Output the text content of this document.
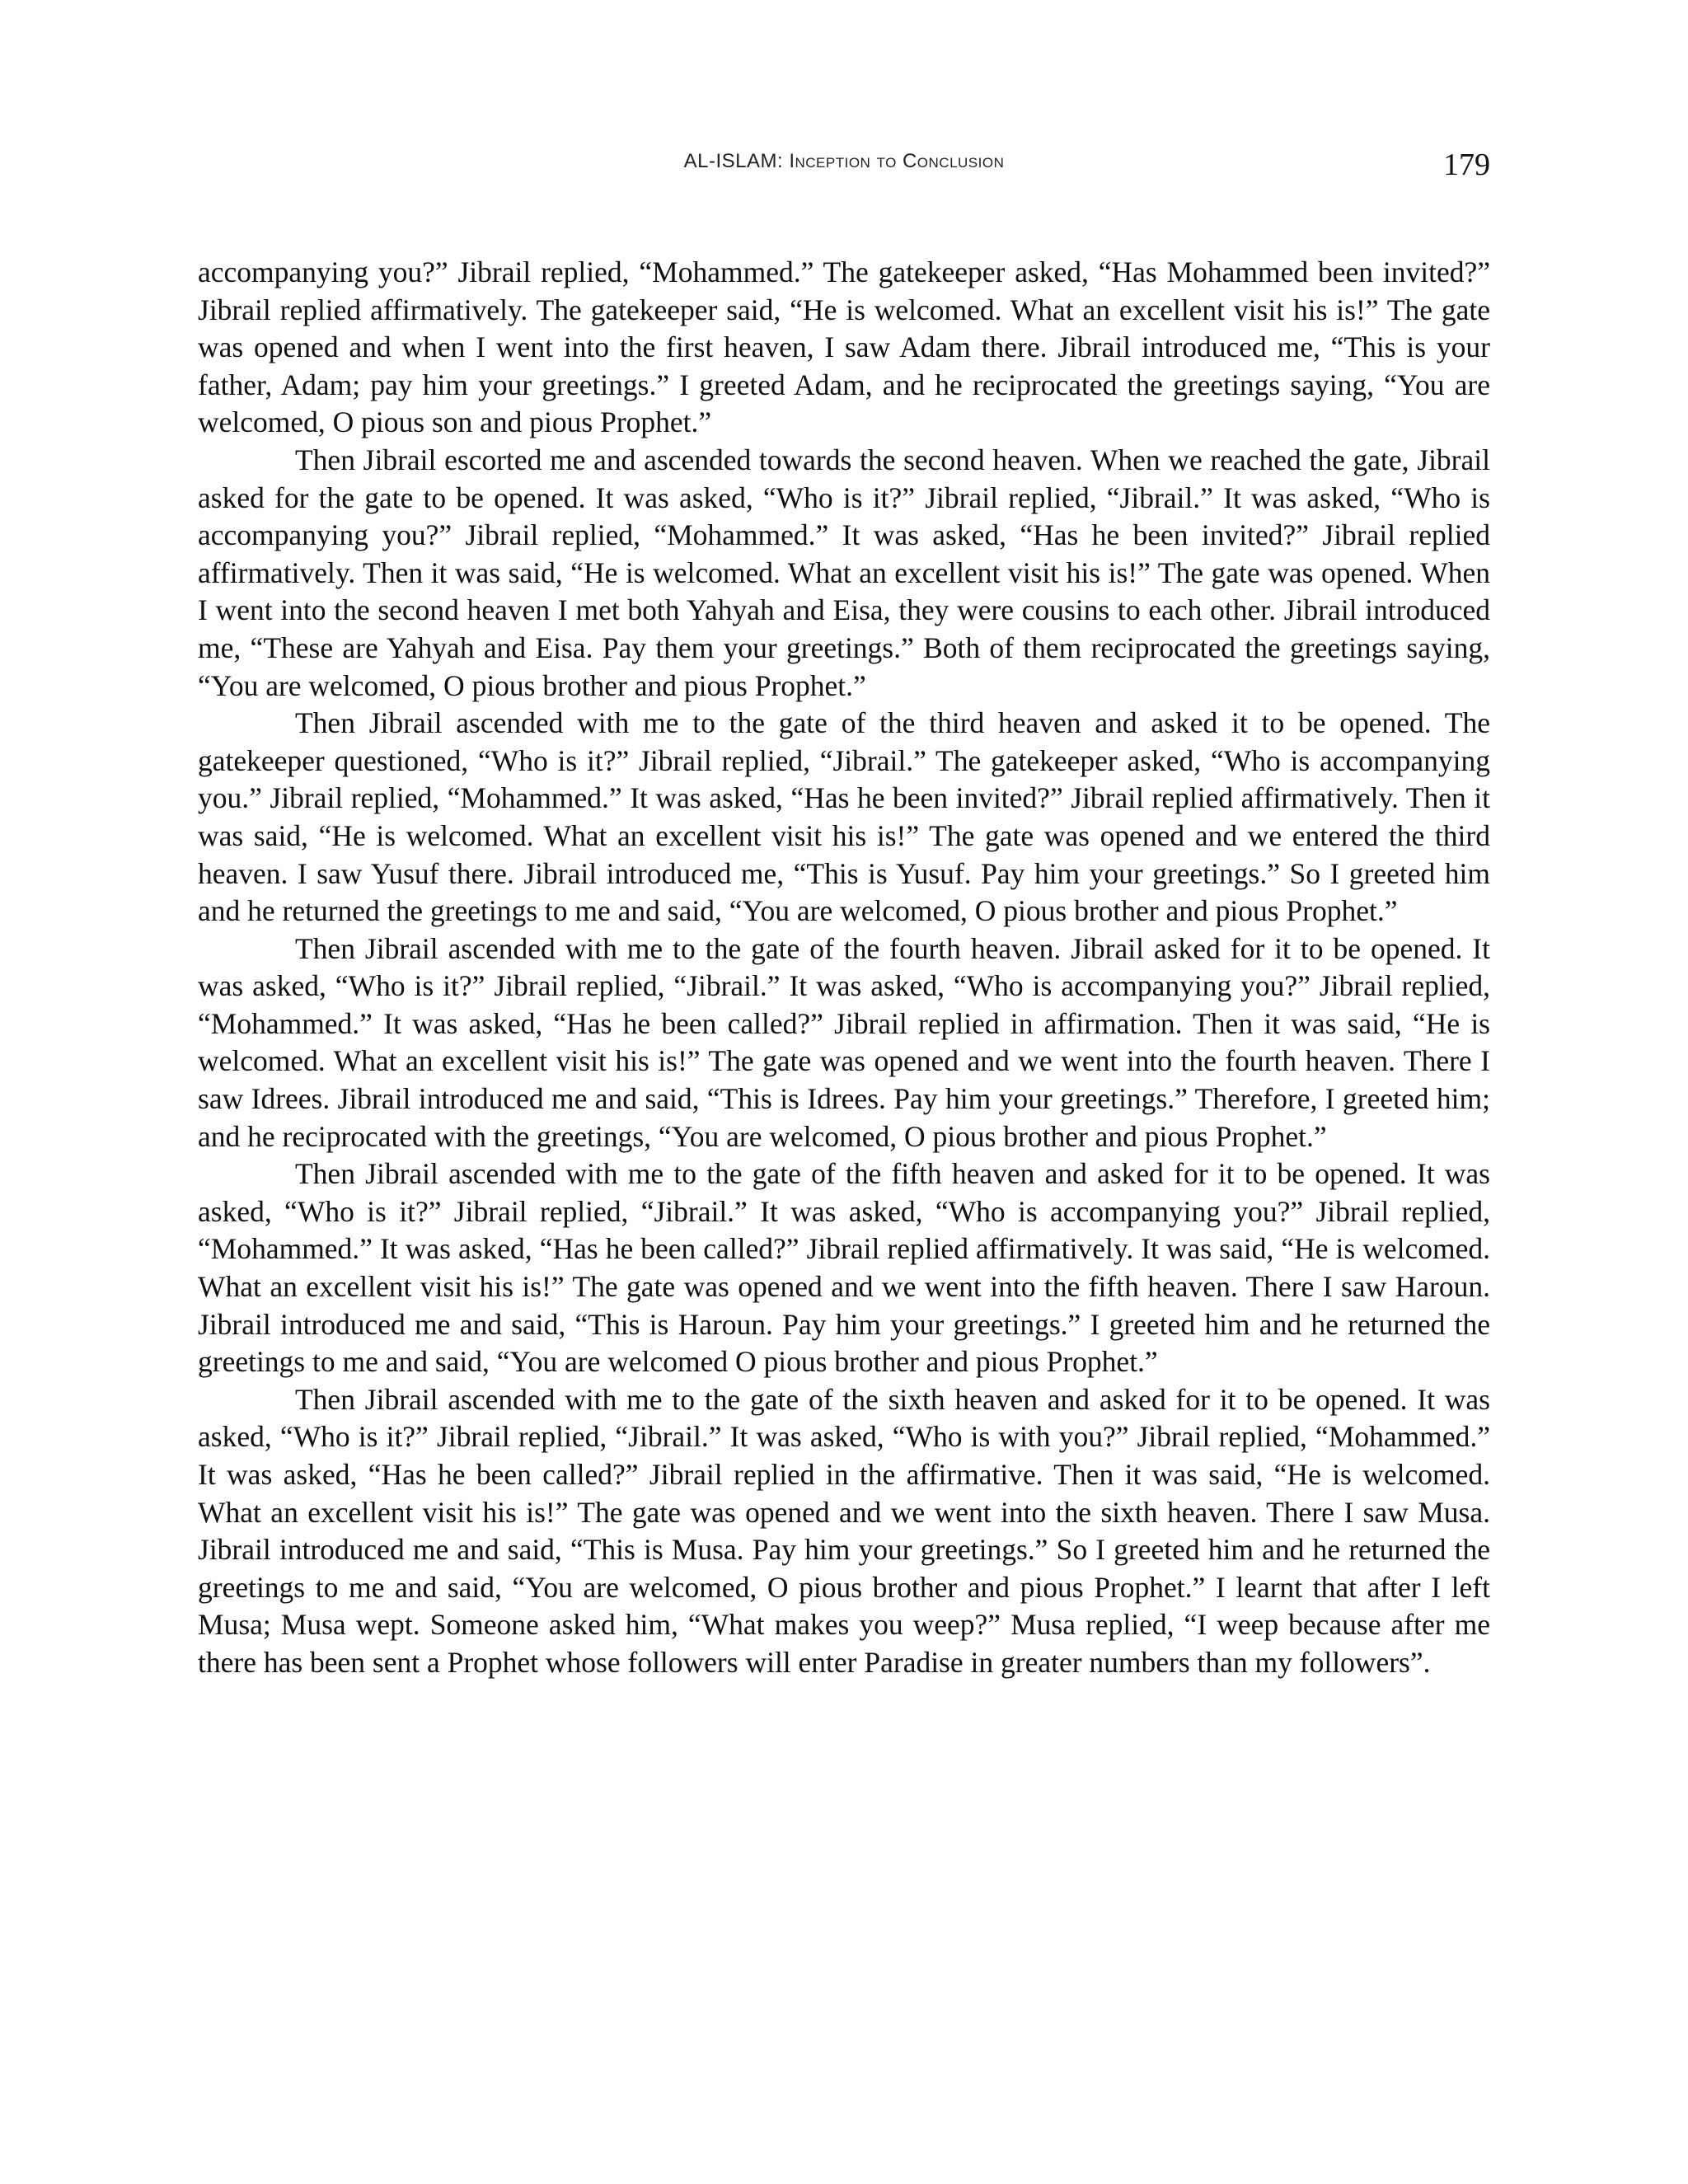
AL-ISLAM: Inception to Conclusion	179

accompanying you?” Jibrail replied, “Mohammed.” The gatekeeper asked, “Has Mohammed been invited?” Jibrail replied affirmatively. The gatekeeper said, “He is welcomed. What an excellent visit his is!” The gate was opened and when I went into the first heaven, I saw Adam there. Jibrail introduced me, “This is your father, Adam; pay him your greetings.” I greeted Adam, and he reciprocated the greetings saying, “You are welcomed, O pious son and pious Prophet.”

Then Jibrail escorted me and ascended towards the second heaven. When we reached the gate, Jibrail asked for the gate to be opened. It was asked, “Who is it?” Jibrail replied, “Jibrail.” It was asked, “Who is accompanying you?” Jibrail replied, “Mohammed.” It was asked, “Has he been invited?” Jibrail replied affirmatively. Then it was said, “He is welcomed. What an excellent visit his is!” The gate was opened. When I went into the second heaven I met both Yahyah and Eisa, they were cousins to each other. Jibrail introduced me, “These are Yahyah and Eisa. Pay them your greetings.” Both of them reciprocated the greetings saying, “You are welcomed, O pious brother and pious Prophet.”

Then Jibrail ascended with me to the gate of the third heaven and asked it to be opened. The gatekeeper questioned, “Who is it?” Jibrail replied, “Jibrail.” The gatekeeper asked, “Who is accompanying you.” Jibrail replied, “Mohammed.” It was asked, “Has he been invited?” Jibrail replied affirmatively. Then it was said, “He is welcomed. What an excellent visit his is!” The gate was opened and we entered the third heaven. I saw Yusuf there. Jibrail introduced me, “This is Yusuf. Pay him your greetings.” So I greeted him and he returned the greetings to me and said, “You are welcomed, O pious brother and pious Prophet.”

Then Jibrail ascended with me to the gate of the fourth heaven. Jibrail asked for it to be opened. It was asked, “Who is it?” Jibrail replied, “Jibrail.” It was asked, “Who is accompanying you?” Jibrail replied, “Mohammed.” It was asked, “Has he been called?” Jibrail replied in affirmation. Then it was said, “He is welcomed. What an excellent visit his is!” The gate was opened and we went into the fourth heaven. There I saw Idrees. Jibrail introduced me and said, “This is Idrees. Pay him your greetings.” Therefore, I greeted him; and he reciprocated with the greetings, “You are welcomed, O pious brother and pious Prophet.”

Then Jibrail ascended with me to the gate of the fifth heaven and asked for it to be opened. It was asked, “Who is it?” Jibrail replied, “Jibrail.” It was asked, “Who is accompanying you?” Jibrail replied, “Mohammed.” It was asked, “Has he been called?” Jibrail replied affirmatively. It was said, “He is welcomed. What an excellent visit his is!” The gate was opened and we went into the fifth heaven. There I saw Haroun. Jibrail introduced me and said, “This is Haroun. Pay him your greetings.” I greeted him and he returned the greetings to me and said, “You are welcomed O pious brother and pious Prophet.”

Then Jibrail ascended with me to the gate of the sixth heaven and asked for it to be opened. It was asked, “Who is it?” Jibrail replied, “Jibrail.” It was asked, “Who is with you?” Jibrail replied, “Mohammed.” It was asked, “Has he been called?” Jibrail replied in the affirmative. Then it was said, “He is welcomed. What an excellent visit his is!” The gate was opened and we went into the sixth heaven. There I saw Musa. Jibrail introduced me and said, “This is Musa. Pay him your greetings.” So I greeted him and he returned the greetings to me and said, “You are welcomed, O pious brother and pious Prophet.” I learnt that after I left Musa; Musa wept. Someone asked him, “What makes you weep?” Musa replied, “I weep because after me there has been sent a Prophet whose followers will enter Paradise in greater numbers than my followers”.
